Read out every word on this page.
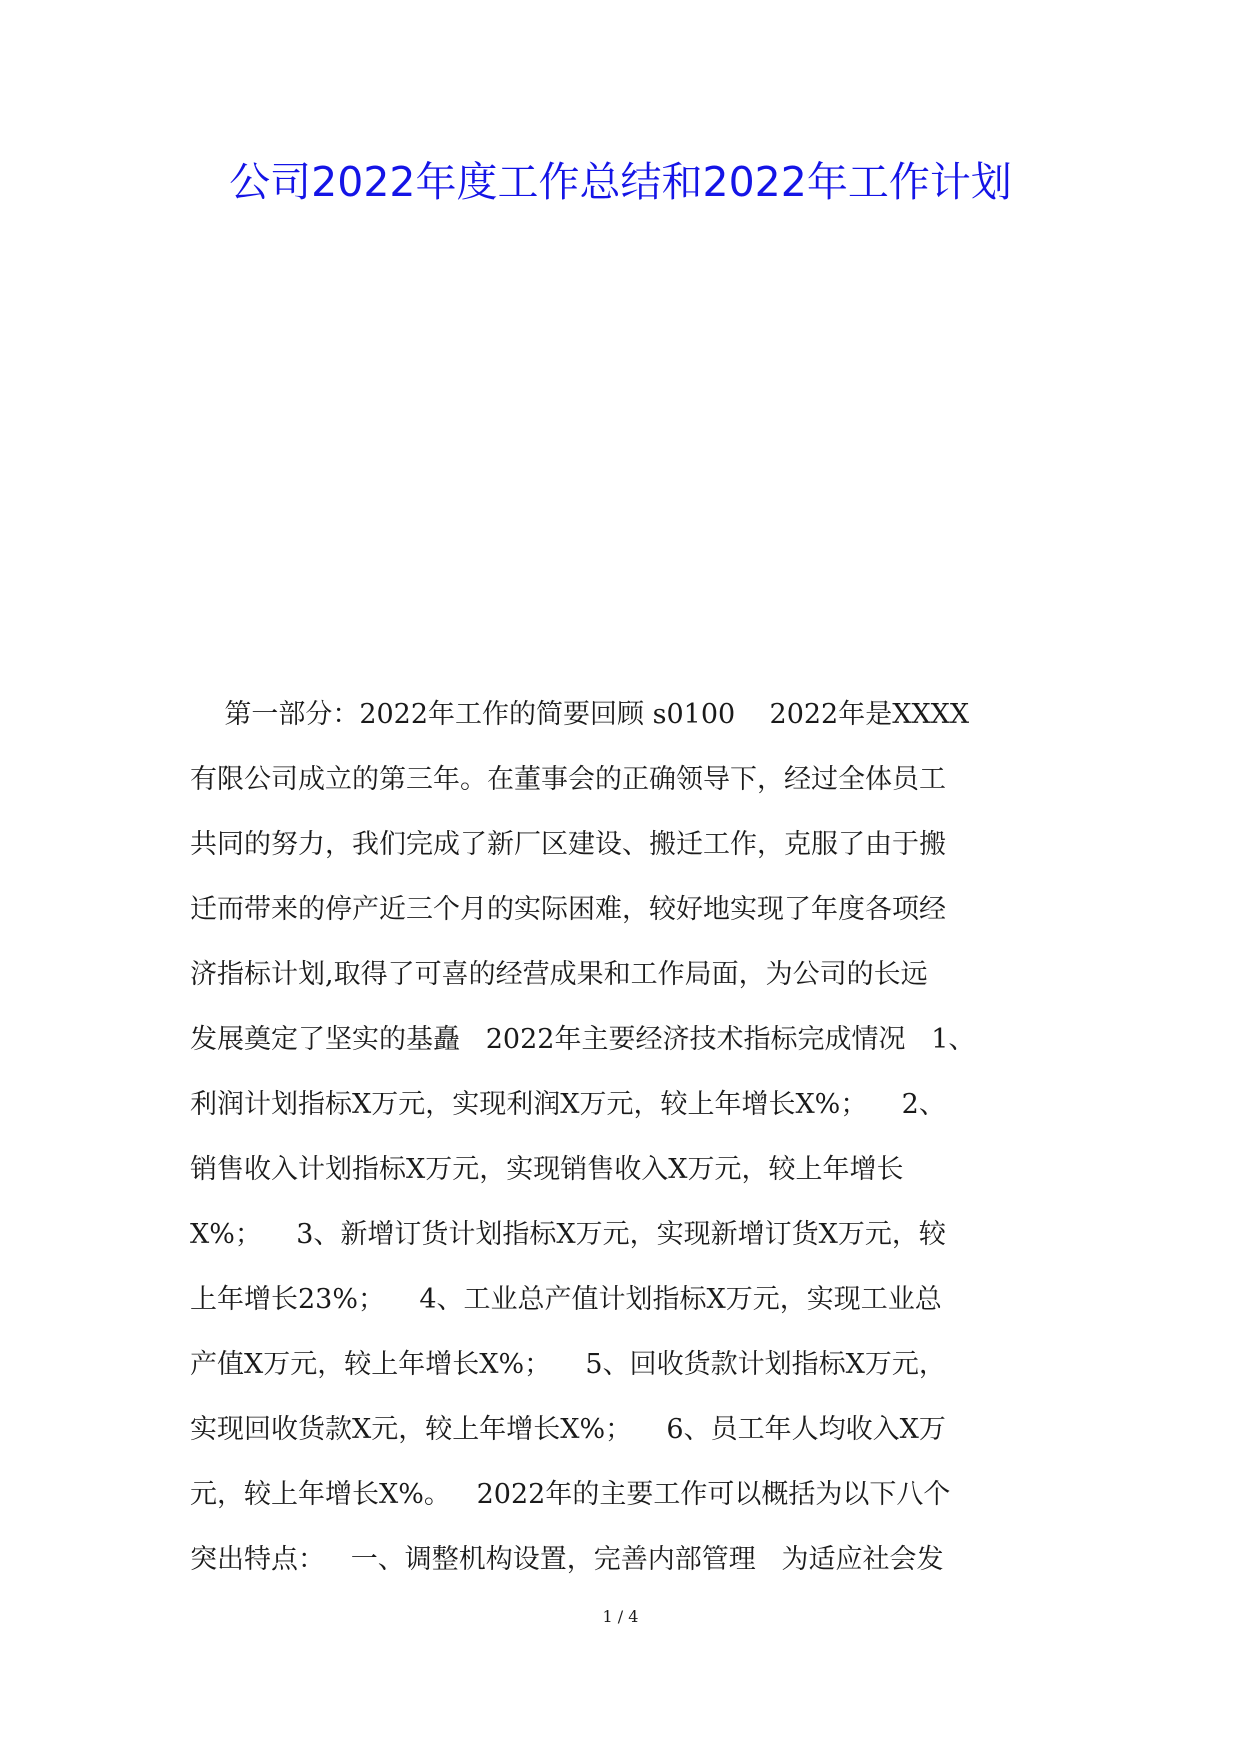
公司2022年度工作总结和2022年工作计划
第一部分：2022年工作的简要回顾 s0100    2022年是XXXX
有限公司成立的第三年。在董事会的正确领导下，经过全体员工
共同的努力，我们完成了新厂区建设、搬迁工作，克服了由于搬
迁而带来的停产近三个月的实际困难，较好地实现了年度各项经
济指标计划,取得了可喜的经营成果和工作局面，为公司的长远
发展奠定了坚实的基矗   2022年主要经济技术指标完成情况   1、
利润计划指标X万元，实现利润X万元，较上年增长X%；    2、
销售收入计划指标X万元，实现销售收入X万元，较上年增长
X%；    3、新增订货计划指标X万元，实现新增订货X万元，较
上年增长23%；    4、工业总产值计划指标X万元，实现工业总
产值X万元，较上年增长X%；    5、回收货款计划指标X万元，
实现回收货款X元，较上年增长X%；    6、员工年人均收入X万
元，较上年增长X%。   2022年的主要工作可以概括为以下八个
突出特点：   一、调整机构设置，完善内部管理   为适应社会发
1 / 4
